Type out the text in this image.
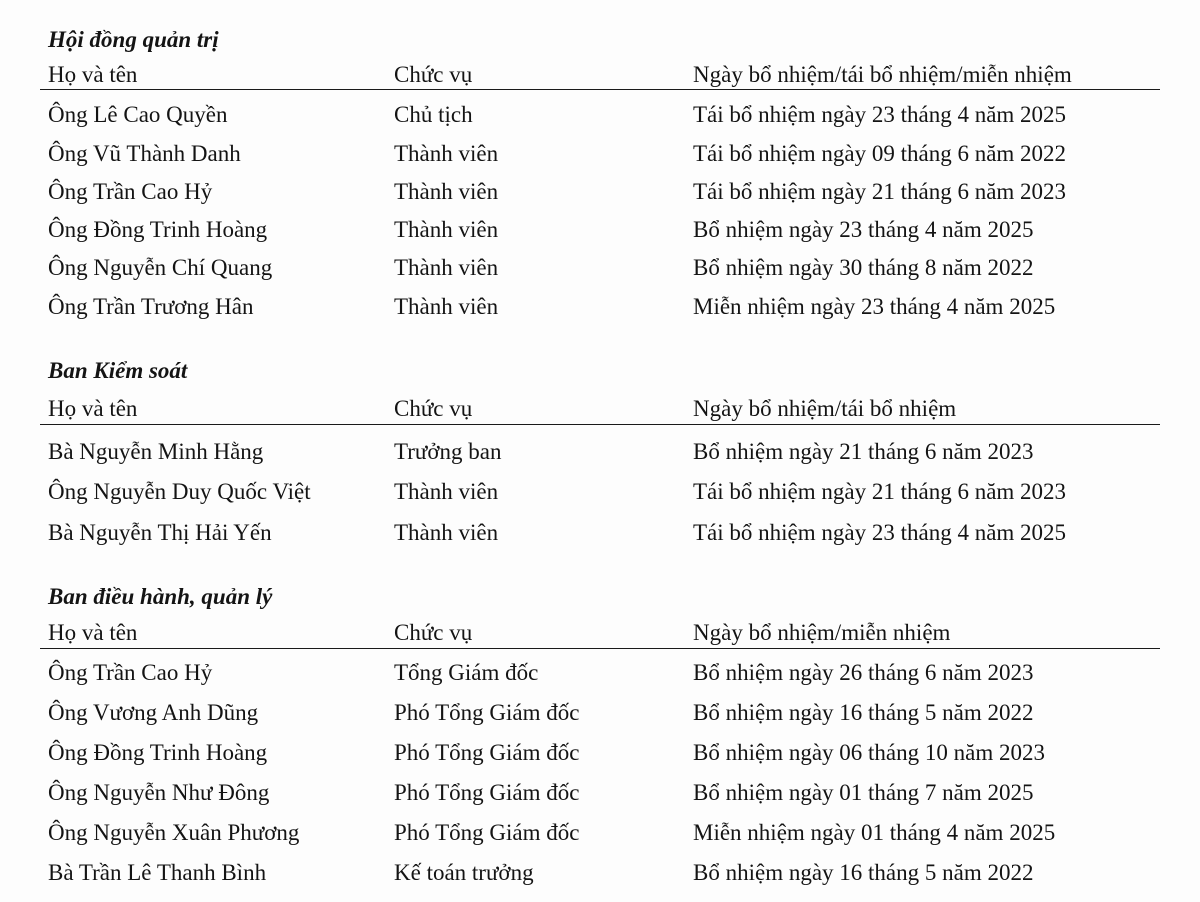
Hội đồng quản trị
Họ và tên	Chức vụ	Ngày bổ nhiệm/tái bổ nhiệm/miễn nhiệm
Ông Lê Cao Quyền	Chủ tịch	Tái bổ nhiệm ngày 23 tháng 4 năm 2025
Ông Vũ Thành Danh	Thành viên	Tái bổ nhiệm ngày 09 tháng 6 năm 2022
Ông Trần Cao Hỷ	Thành viên	Tái bổ nhiệm ngày 21 tháng 6 năm 2023
Ông Đồng Trinh Hoàng	Thành viên	Bổ nhiệm ngày 23 tháng 4 năm 2025
Ông Nguyễn Chí Quang	Thành viên	Bổ nhiệm ngày 30 tháng 8 năm 2022
Ông Trần Trương Hân	Thành viên	Miễn nhiệm ngày 23 tháng 4 năm 2025
Ban Kiểm soát
Họ và tên	Chức vụ	Ngày bổ nhiệm/tái bổ nhiệm
Bà Nguyễn Minh Hằng	Trưởng ban	Bổ nhiệm ngày 21 tháng 6 năm 2023
Ông Nguyễn Duy Quốc Việt	Thành viên	Tái bổ nhiệm ngày 21 tháng 6 năm 2023
Bà Nguyễn Thị Hải Yến	Thành viên	Tái bổ nhiệm ngày 23 tháng 4 năm 2025
Ban điều hành, quản lý
Họ và tên	Chức vụ	Ngày bổ nhiệm/miễn nhiệm
Ông Trần Cao Hỷ	Tổng Giám đốc	Bổ nhiệm ngày 26 tháng 6 năm 2023
Ông Vương Anh Dũng	Phó Tổng Giám đốc	Bổ nhiệm ngày 16 tháng 5 năm 2022
Ông Đồng Trinh Hoàng	Phó Tổng Giám đốc	Bổ nhiệm ngày 06 tháng 10 năm 2023
Ông Nguyễn Như Đông	Phó Tổng Giám đốc	Bổ nhiệm ngày 01 tháng 7 năm 2025
Ông Nguyễn Xuân Phương	Phó Tổng Giám đốc	Miễn nhiệm ngày 01 tháng 4 năm 2025
Bà Trần Lê Thanh Bình	Kế toán trưởng	Bổ nhiệm ngày 16 tháng 5 năm 2022
